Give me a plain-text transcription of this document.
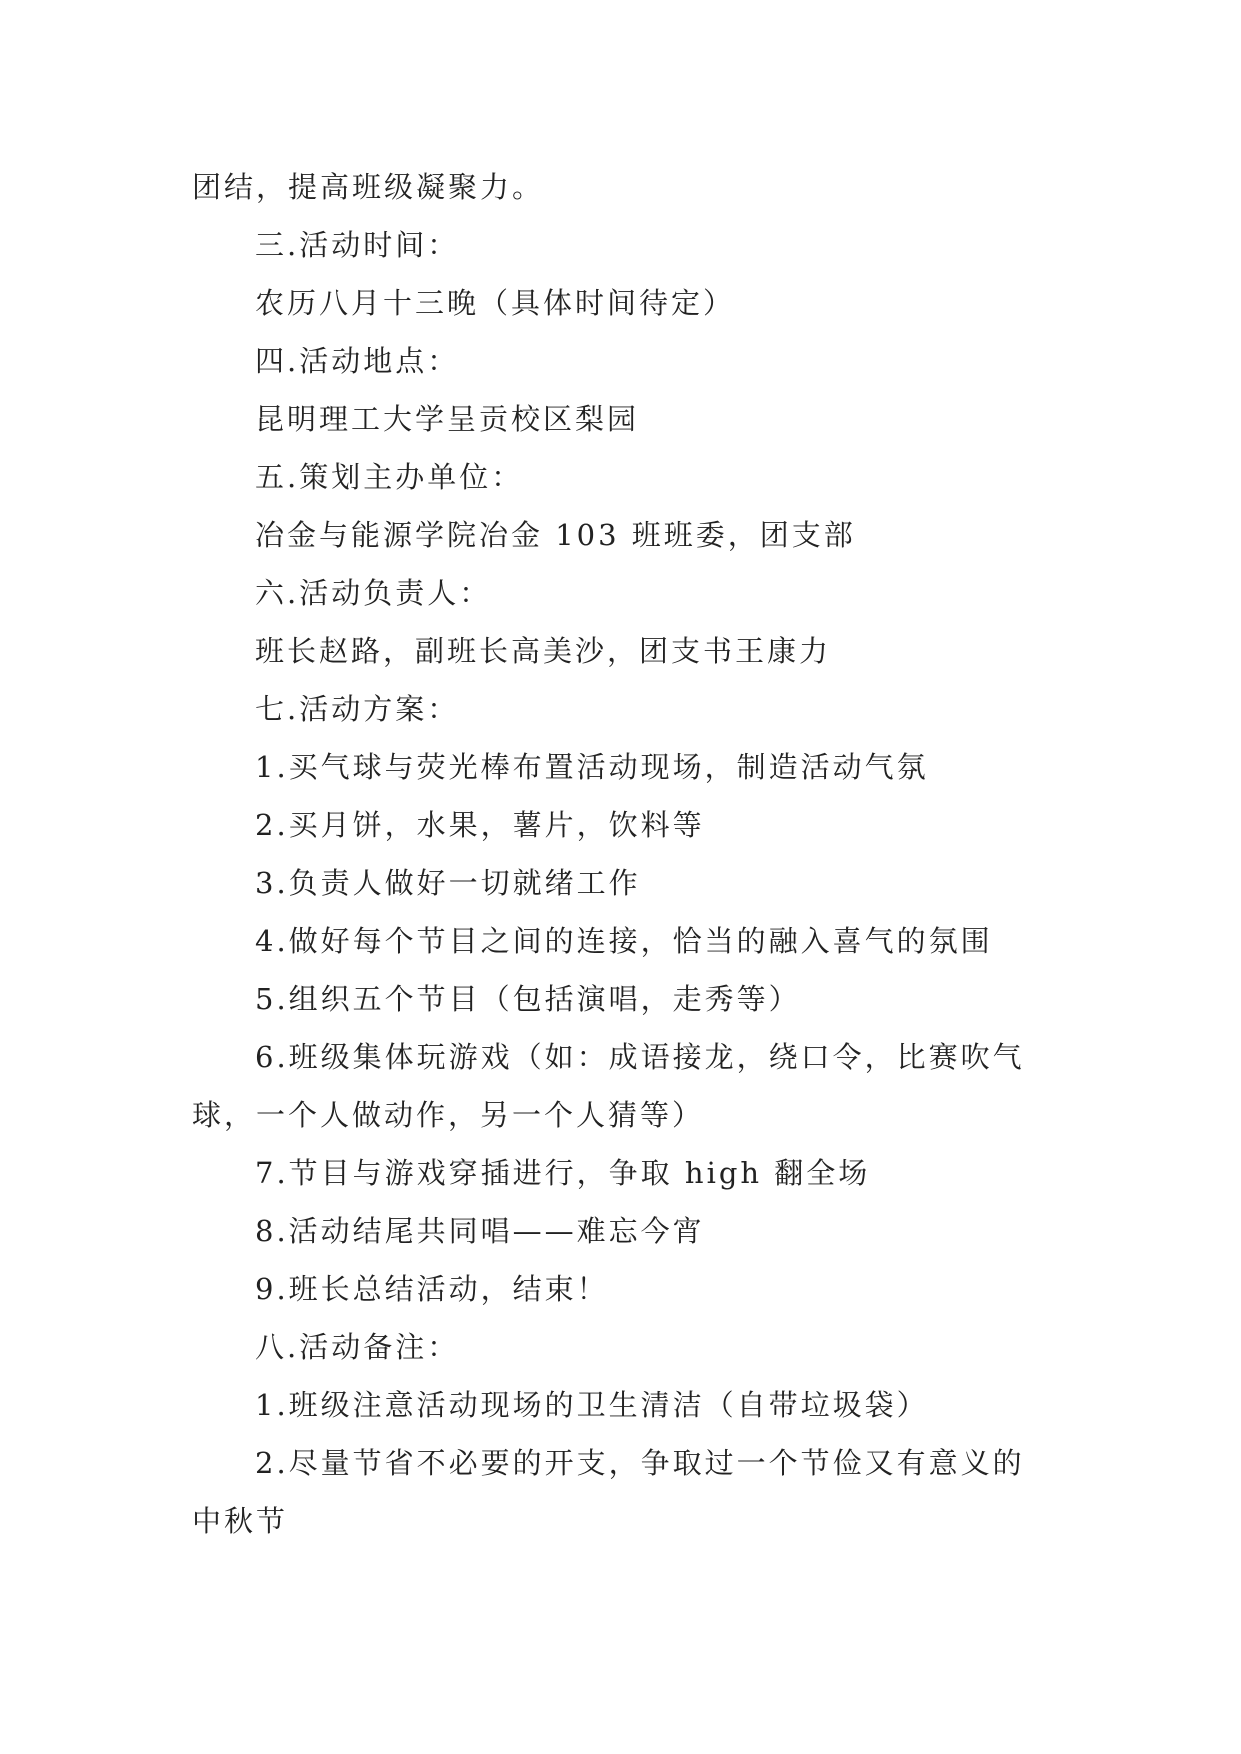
团结，提高班级凝聚力。
三.活动时间：
农历八月十三晚（具体时间待定）
四.活动地点：
昆明理工大学呈贡校区梨园
五.策划主办单位：
冶金与能源学院冶金 103 班班委，团支部
六.活动负责人：
班长赵路，副班长高美沙，团支书王康力
七.活动方案：
1.买气球与荧光棒布置活动现场，制造活动气氛
2.买月饼，水果，薯片，饮料等
3.负责人做好一切就绪工作
4.做好每个节目之间的连接，恰当的融入喜气的氛围
5.组织五个节目（包括演唱，走秀等）
6.班级集体玩游戏（如：成语接龙，绕口令，比赛吹气
球，一个人做动作，另一个人猜等）
7.节目与游戏穿插进行，争取 high 翻全场
8.活动结尾共同唱——难忘今宵
9.班长总结活动，结束！
八.活动备注：
1.班级注意活动现场的卫生清洁（自带垃圾袋）
2.尽量节省不必要的开支，争取过一个节俭又有意义的
中秋节
